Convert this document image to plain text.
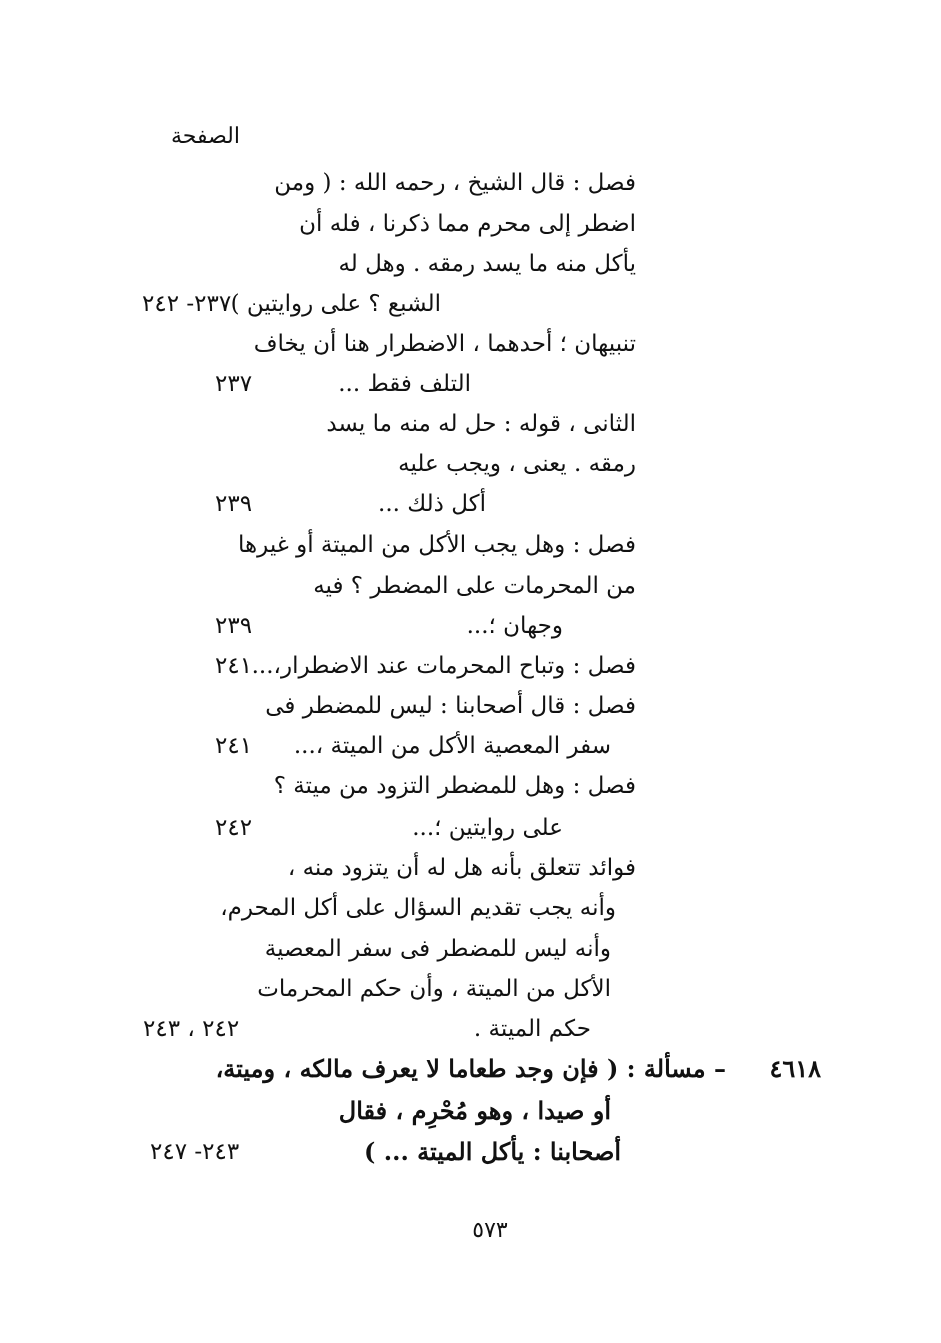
الصفحة
فصل : قال الشيخ ، رحمه الله : ( ومن
اضطر إلى محرم مما ذكرنا ، فله أن
يأكل منه ما يسد رمقه . وهل له
الشبع ؟ على روايتين )
٢٣٧- ٢٤٢
تنبيهان ؛ أحدهما ، الاضطرار هنا أن يخاف
التلف فقط ...
٢٣٧
الثانى ، قوله : حل له منه ما يسد
رمقه . يعنى ، ويجب عليه
أكل ذلك ...
٢٣٩
فصل : وهل يجب الأكل من الميتة أو غيرها
من المحرمات على المضطر ؟ فيه
وجهان ؛...
٢٣٩
فصل : وتباح المحرمات عند الاضطرار،...
٢٤١
فصل : قال أصحابنا : ليس للمضطر فى
سفر المعصية الأكل من الميتة ،...
٢٤١
فصل : وهل للمضطر التزود من ميتة ؟
على روايتين ؛...
٢٤٢
فوائد تتعلق بأنه هل له أن يتزود منه ،
وأنه يجب تقديم السؤال على أكل المحرم،
وأنه ليس للمضطر فى سفر المعصية
الأكل من الميتة ، وأن حكم المحرمات
حكم الميتة .
٢٤٢ ، ٢٤٣
٤٦١٨
– مسألة : ( فإن وجد طعاما لا يعرف مالكه ، وميتة،
أو صيدا ، وهو مُحْرِم ، فقال
أصحابنا : يأكل الميتة ... )
٢٤٣- ٢٤٧
٥٧٣
